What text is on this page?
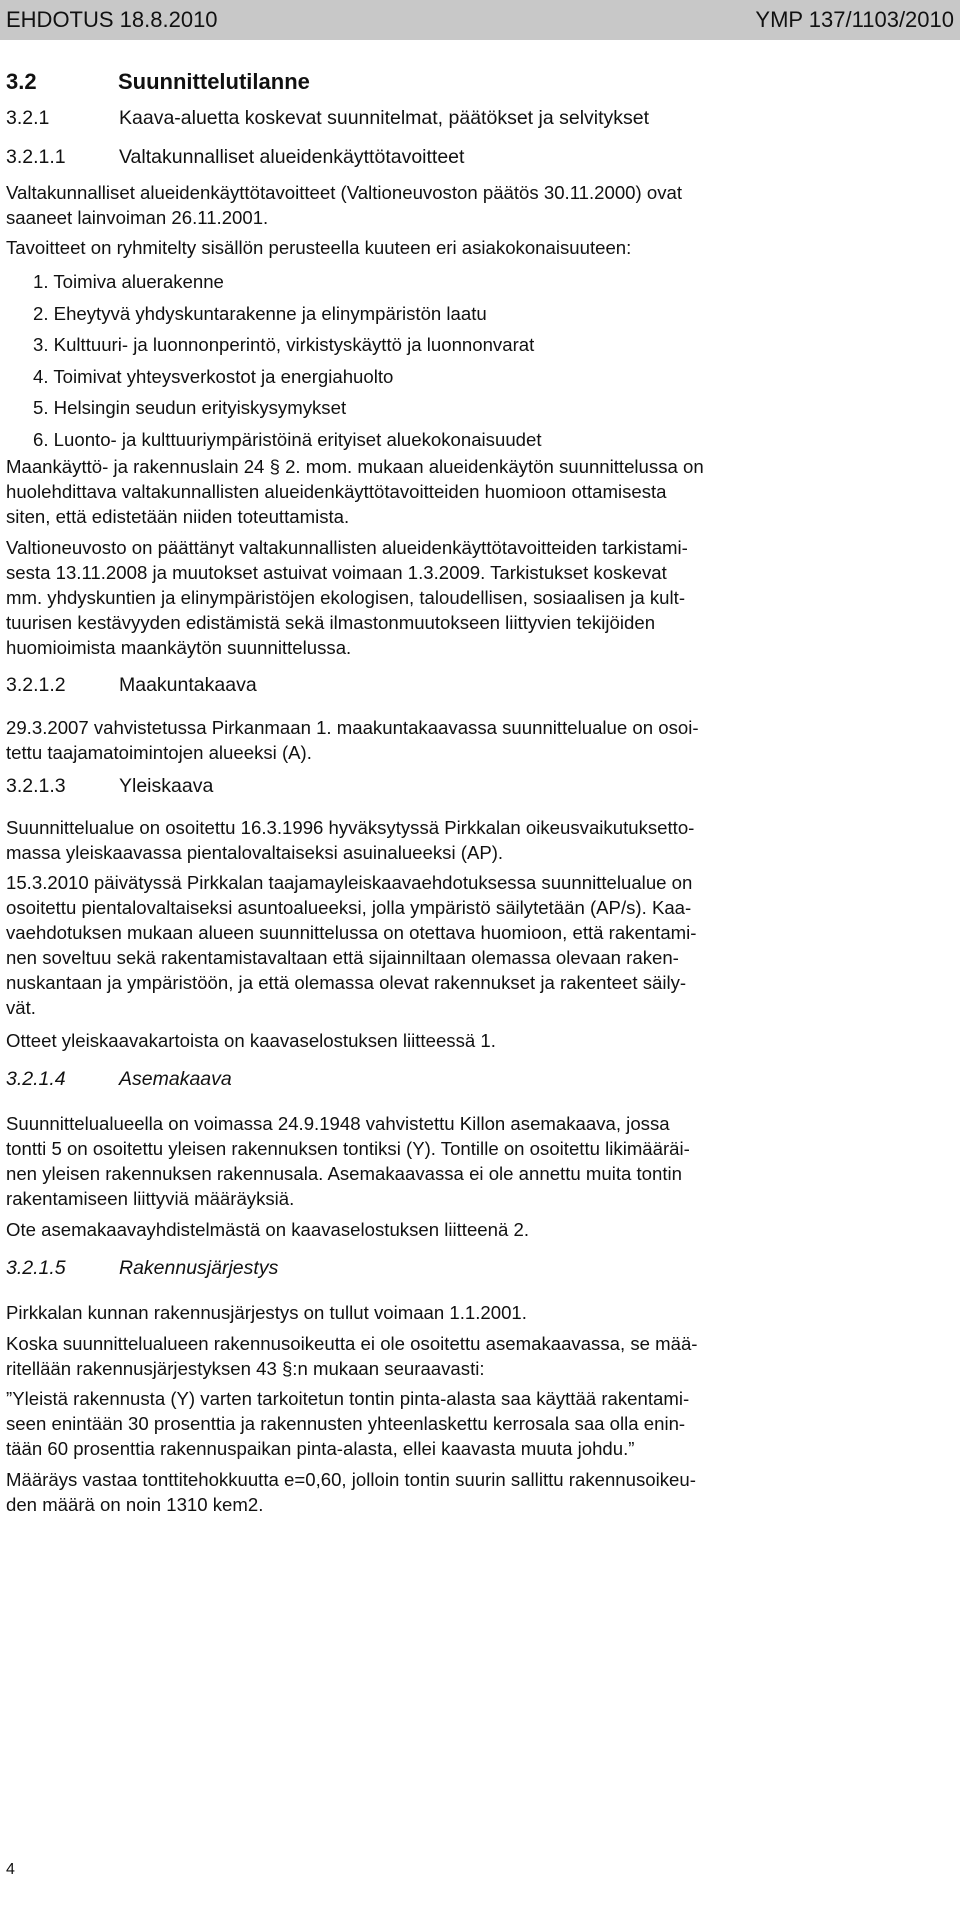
EHDOTUS 18.8.2010	YMP 137/1103/2010
3.2	Suunnittelutilanne
3.2.1	Kaava-aluetta koskevat suunnitelmat, päätökset ja selvitykset
3.2.1.1	Valtakunnalliset alueidenkäyttötavoitteet
Valtakunnalliset alueidenkäyttötavoitteet (Valtioneuvoston päätös 30.11.2000) ovat
saaneet lainvoiman 26.11.2001.
Tavoitteet on ryhmitelty sisällön perusteella kuuteen eri asiakokonaisuuteen:
1. Toimiva aluerakenne
2. Eheytyvä yhdyskuntarakenne ja elinympäristön laatu
3. Kulttuuri- ja luonnonperintö, virkistyskäyttö ja luonnonvarat
4. Toimivat yhteysverkostot ja energiahuolto
5. Helsingin seudun erityiskysymykset
6. Luonto- ja kulttuuriympäristöinä erityiset aluekokonaisuudet
Maankäyttö- ja rakennuslain 24 § 2. mom. mukaan alueidenkäytön suunnittelussa on
huolehdittava valtakunnallisten alueidenkäyttötavoitteiden huomioon ottamisesta
siten, että edistetään niiden toteuttamista.
Valtioneuvosto on päättänyt valtakunnallisten alueidenkäyttötavoitteiden tarkistami-
sesta 13.11.2008 ja muutokset astuivat voimaan 1.3.2009. Tarkistukset koskevat
mm. yhdyskuntien ja elinympäristöjen ekologisen, taloudellisen, sosiaalisen ja kult-
tuurisen kestävyyden edistämistä sekä ilmastonmuutokseen liittyvien tekijöiden
huomioimista maankäytön suunnittelussa.
3.2.1.2	Maakuntakaava
29.3.2007 vahvistetussa Pirkanmaan 1. maakuntakaavassa suunnittelualue on osoi-
tettu taajamatoimintojen alueeksi (A).
3.2.1.3	Yleiskaava
Suunnittelualue on osoitettu 16.3.1996 hyväksytyssä Pirkkalan oikeusvaikutuksetto-
massa yleiskaavassa pientalovaltaiseksi asuinalueeksi (AP).
15.3.2010 päivätyssä Pirkkalan taajamayleiskaavaehdotuksessa suunnittelualue on
osoitettu pientalovaltaiseksi asuntoalueeksi, jolla ympäristö säilytetään (AP/s). Kaa-
vaehdotuksen mukaan alueen suunnittelussa on otettava huomioon, että rakentami-
nen soveltuu sekä rakentamistavaltaan että sijainniltaan olemassa olevaan raken-
nuskantaan ja ympäristöön, ja että olemassa olevat rakennukset ja rakenteet säily-
vät.
Otteet yleiskaavakartoista on kaavaselostuksen liitteessä 1.
3.2.1.4	Asemakaava
Suunnittelualueella on voimassa 24.9.1948 vahvistettu Killon asemakaava, jossa
tontti 5 on osoitettu yleisen rakennuksen tontiksi (Y). Tontille on osoitettu likimääräi-
nen yleisen rakennuksen rakennusala. Asemakaavassa ei ole annettu muita tontin
rakentamiseen liittyviä määräyksiä.
Ote asemakaavayhdistelmästä on kaavaselostuksen liitteenä 2.
3.2.1.5	Rakennusjärjestys
Pirkkalan kunnan rakennusjärjestys on tullut voimaan 1.1.2001.
Koska suunnittelualueen rakennusoikeutta ei ole osoitettu asemakaavassa, se mää-
ritellään rakennusjärjestyksen 43 §:n mukaan seuraavasti:
”Yleistä rakennusta (Y) varten tarkoitetun tontin pinta-alasta saa käyttää rakentami-
seen enintään 30 prosenttia ja rakennusten yhteenlaskettu kerrosala saa olla enin-
tään 60 prosenttia rakennuspaikan pinta-alasta, ellei kaavasta muuta johdu.”
Määräys vastaa tonttitehokkuutta e=0,60, jolloin tontin suurin sallittu rakennusoikeu-
den määrä on noin 1310 kem2.
4
